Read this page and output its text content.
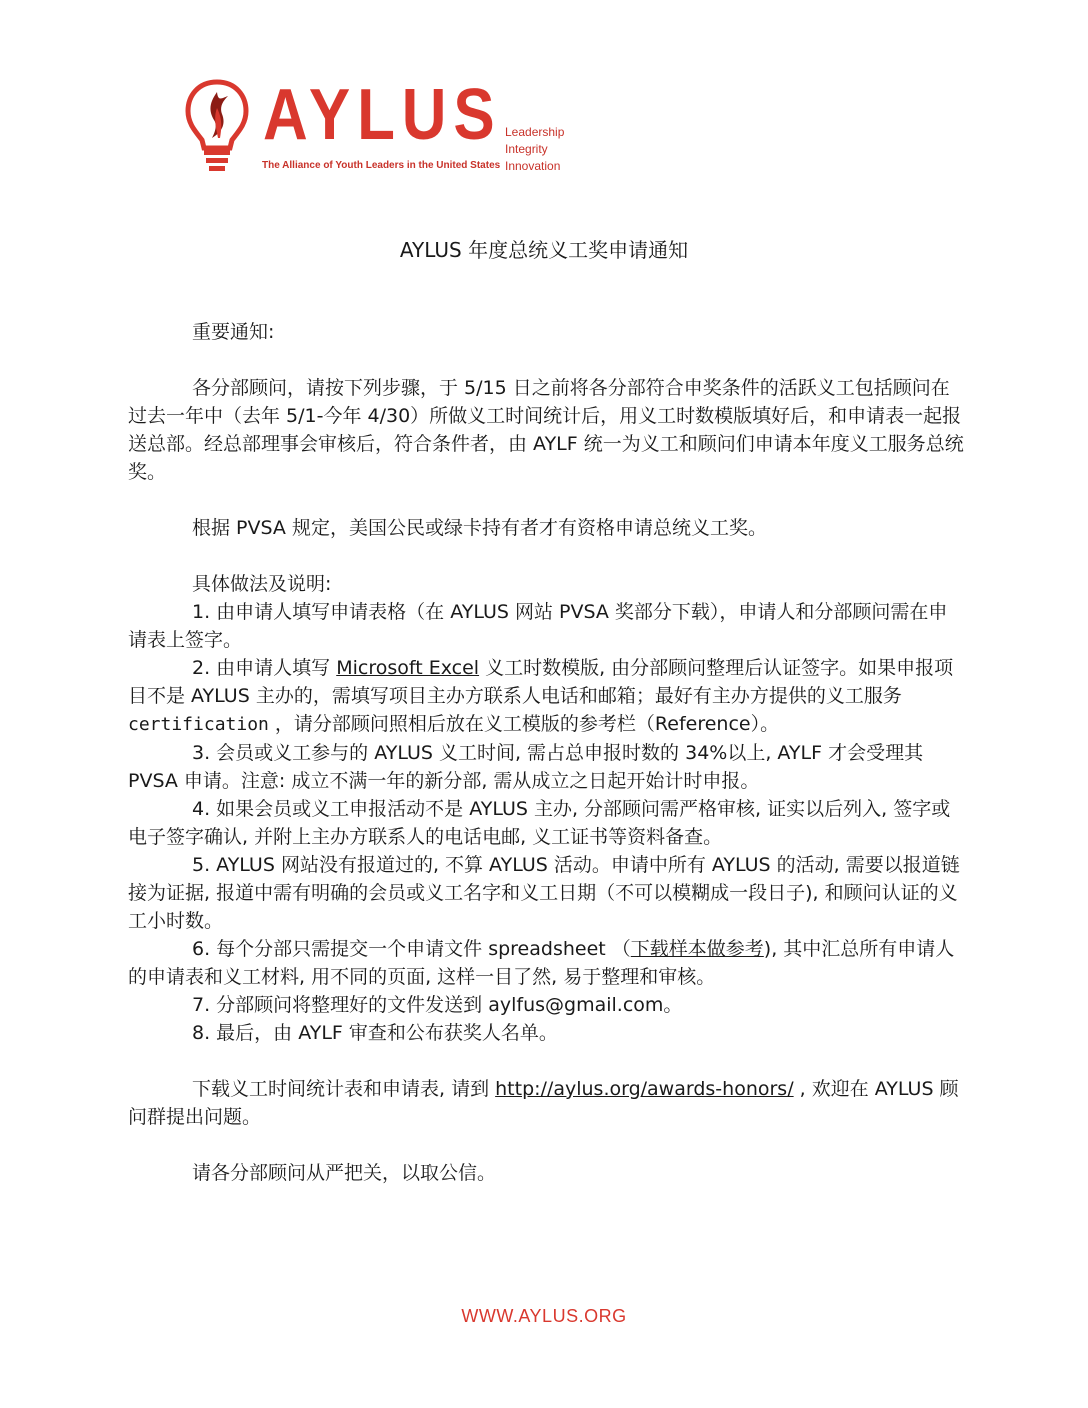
AYLUS
The Alliance of Youth Leaders in the United States
Leadership
Integrity
Innovation
AYLUS 年度总统义工奖申请通知

重要通知:

各分部顾问，请按下列步骤，于 5/15 日之前将各分部符合申奖条件的活跃义工包括顾问在过去一年中（去年 5/1-今年 4/30）所做义工时间统计后，用义工时数模版填好后，和申请表一起报送总部。经总部理事会审核后，符合条件者，由 AYLF 统一为义工和顾问们申请本年度义工服务总统奖。

根据 PVSA 规定，美国公民或绿卡持有者才有资格申请总统义工奖。

具体做法及说明:

1. 由申请人填写申请表格（在 AYLUS 网站 PVSA 奖部分下载），申请人和分部顾问需在申请表上签字。

2. 由申请人填写 Microsoft Excel 义工时数模版, 由分部顾问整理后认证签字。如果申报项目不是 AYLUS 主办的，需填写项目主办方联系人电话和邮箱；最好有主办方提供的义工服务 certification ，请分部顾问照相后放在义工模版的参考栏（Reference）。

3. 会员或义工参与的 AYLUS 义工时间, 需占总申报时数的 34%以上, AYLF 才会受理其 PVSA 申请。注意: 成立不满一年的新分部, 需从成立之日起开始计时申报。

4. 如果会员或义工申报活动不是 AYLUS 主办, 分部顾问需严格审核, 证实以后列入, 签字或电子签字确认, 并附上主办方联系人的电话电邮, 义工证书等资料备查。

5. AYLUS 网站没有报道过的, 不算 AYLUS 活动。申请中所有 AYLUS 的活动, 需要以报道链接为证据, 报道中需有明确的会员或义工名字和义工日期（不可以模糊成一段日子), 和顾问认证的义工小时数。

6. 每个分部只需提交一个申请文件 spreadsheet （下载样本做参考), 其中汇总所有申请人的申请表和义工材料, 用不同的页面, 这样一目了然, 易于整理和审核。

7. 分部顾问将整理好的文件发送到 aylfus@gmail.com。

8. 最后，由 AYLF 审查和公布获奖人名单。

下载义工时间统计表和申请表, 请到 http://aylus.org/awards-honors/ , 欢迎在 AYLUS 顾问群提出问题。

请各分部顾问从严把关，以取公信。

WWW.AYLUS.ORG
